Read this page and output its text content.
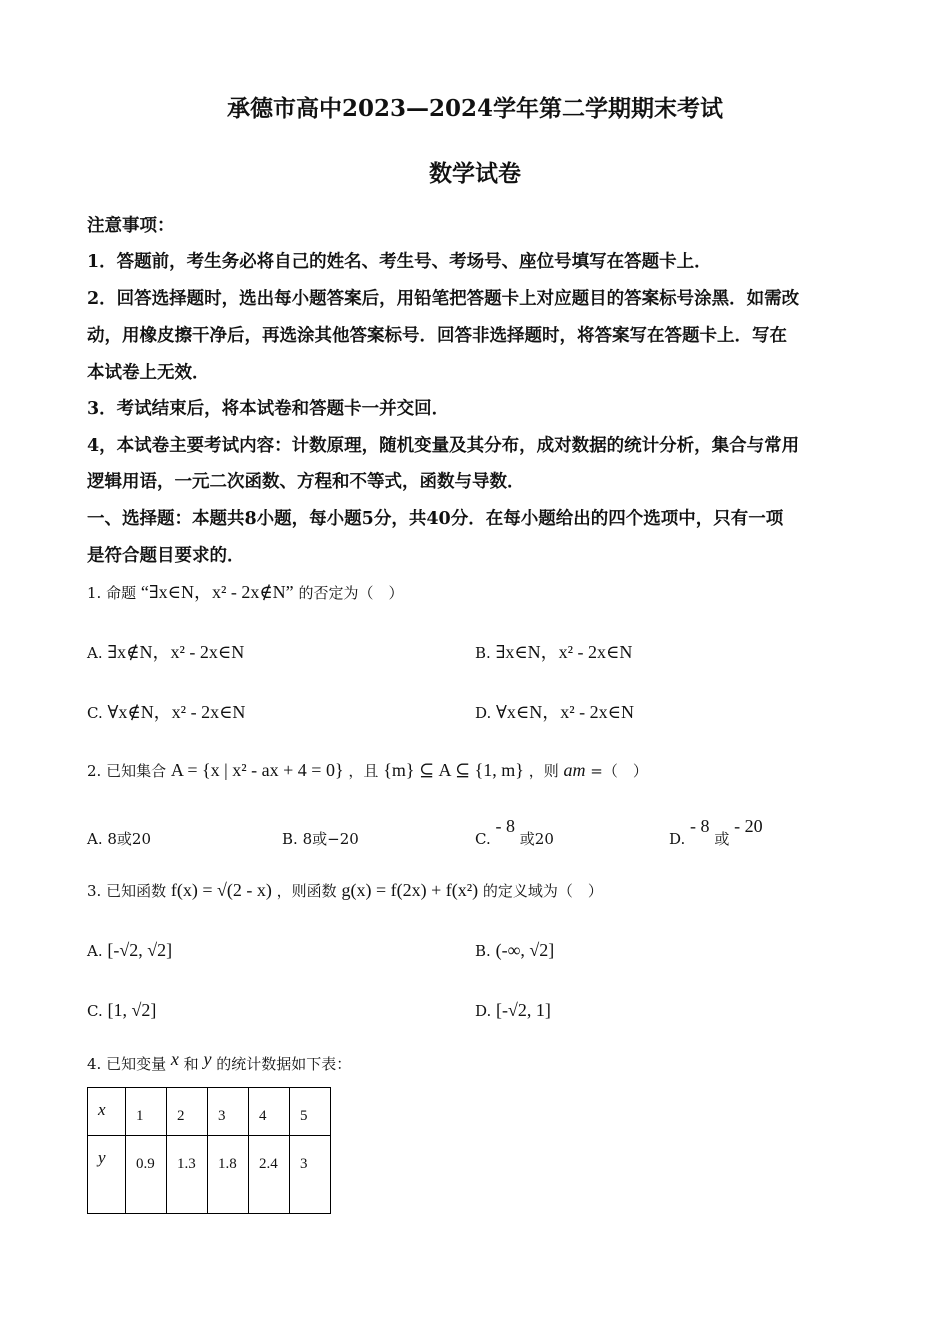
承德市高中2023—2024学年第二学期期末考试
数学试卷
注意事项：
1．答题前，考生务必将自己的姓名、考生号、考场号、座位号填写在答题卡上．
2．回答选择题时，选出每小题答案后，用铅笔把答题卡上对应题目的答案标号涂黑．如需改
动，用橡皮擦干净后，再选涂其他答案标号．回答非选择题时，将答案写在答题卡上．写在
本试卷上无效．
3．考试结束后，将本试卷和答题卡一并交回．
4，本试卷主要考试内容：计数原理，随机变量及其分布，成对数据的统计分析，集合与常用
逻辑用语，一元二次函数、方程和不等式，函数与导数．
一、选择题：本题共8小题，每小题5分，共40分．在每小题给出的四个选项中，只有一项
是符合题目要求的．
1. 命题 “∃x∈N，x² - 2x∉N” 的否定为（　）
A. ∃x∉N，x² - 2x∈N	B. ∃x∈N，x² - 2x∈N
C. ∀x∉N，x² - 2x∈N	D. ∀x∈N，x² - 2x∈N
2. 已知集合 A = {x | x² - ax + 4 = 0} ，且 {m} ⊆ A ⊆ {1, m} ，则 am =（　）
A. 8或20	B. 8或−20	C. - 8 或20	D. - 8 或 - 20
3. 已知函数 f(x) = √(2 - x) ，则函数 g(x) = f(2x) + f(x²) 的定义域为（　）
A. [-√2, √2]	B. (-∞, √2]
C. [1, √2]	D. [-√2, 1]
4. 已知变量 x 和 y 的统计数据如下表：
x	1	2	3	4	5
y	0.9	1.3	1.8	2.4	3
